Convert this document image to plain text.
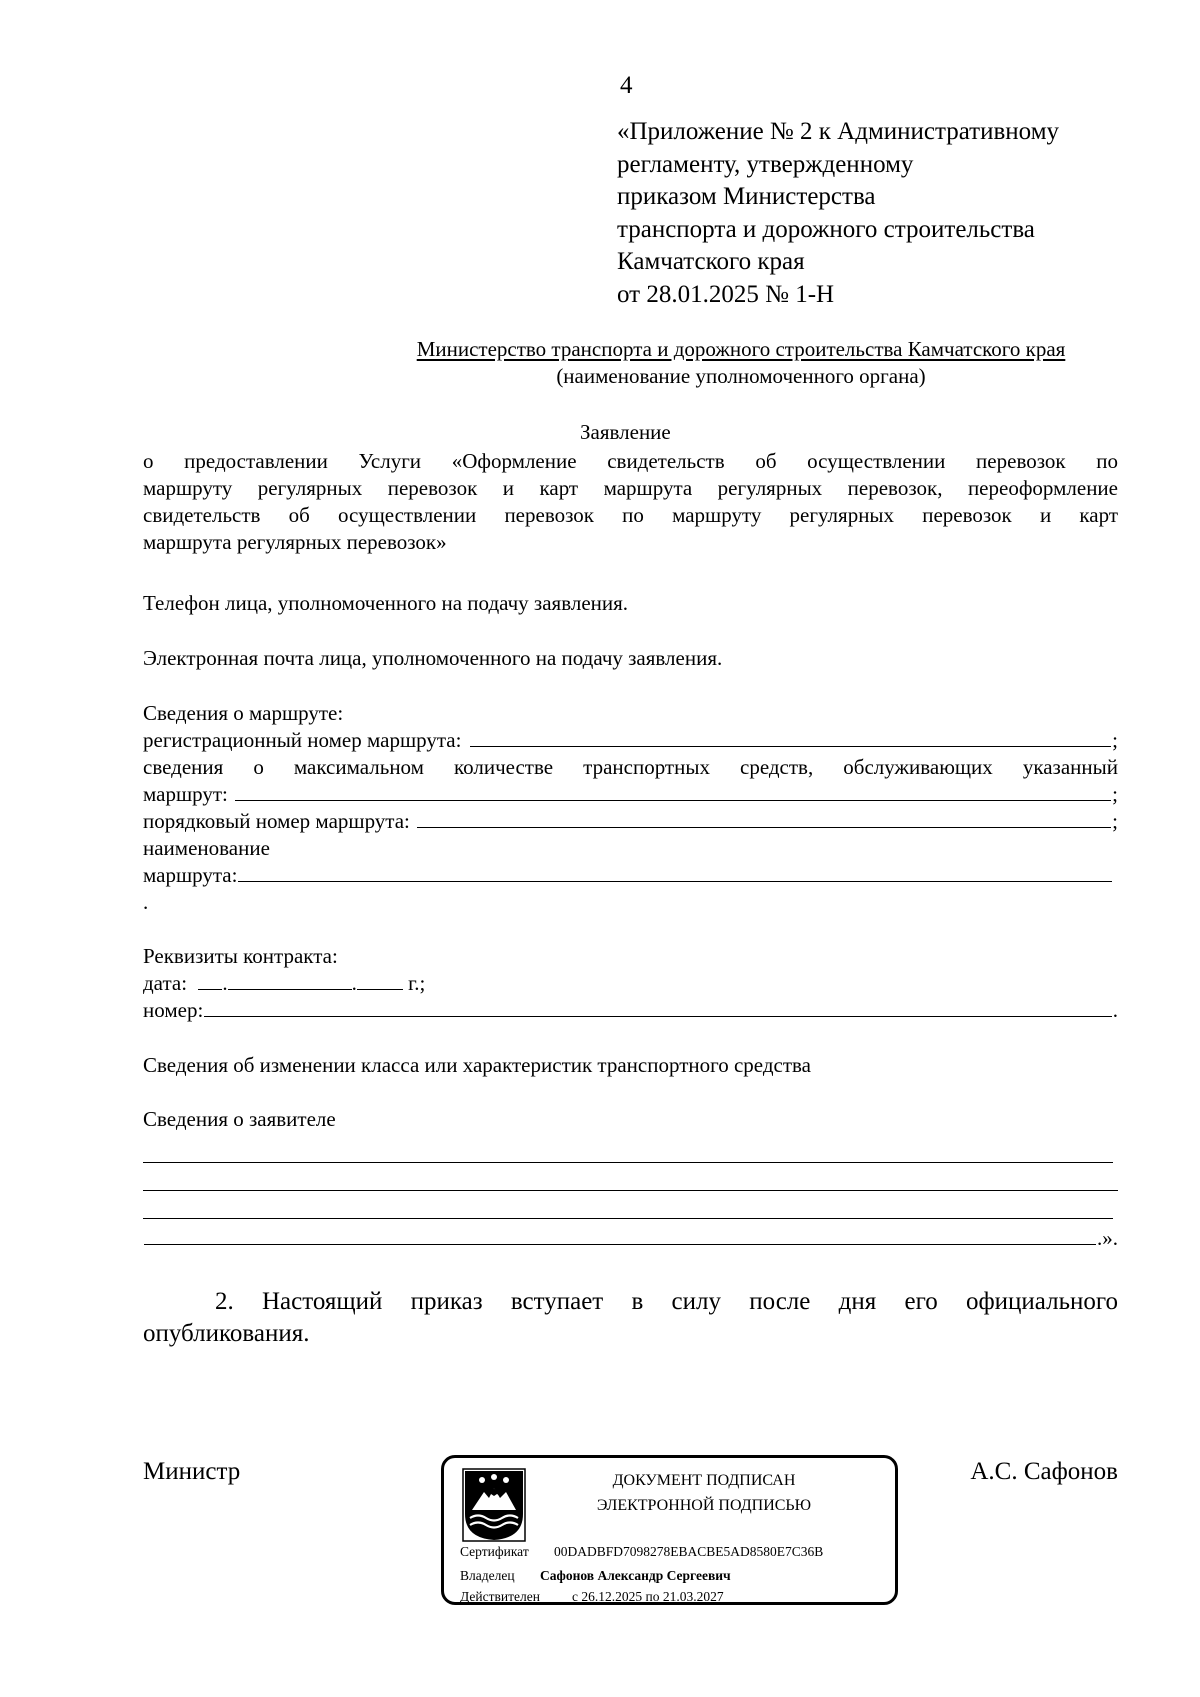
4
«Приложение № 2 к Административному
регламенту, утвержденному
приказом Министерства
транспорта и дорожного строительства
Камчатского края
от 28.01.2025 № 1-Н
Министерство транспорта и дорожного строительства Камчатского края
(наименование уполномоченного органа)
Заявление
о предоставлении Услуги «Оформление свидетельств об осуществлении перевозок по
маршруту регулярных перевозок и карт маршрута регулярных перевозок, переоформление
свидетельств об осуществлении перевозок по маршруту регулярных перевозок и карт
маршрута регулярных перевозок»
Телефон лица, уполномоченного на подачу заявления.
Электронная почта лица, уполномоченного на подачу заявления.
Сведения о маршруте:
регистрационный номер маршрута:	;
сведения о максимальном количестве транспортных средств, обслуживающих указанный
маршрут:	;
порядковый номер маршрута:	;
наименование
маршрута:
.
Реквизиты контракта:
дата: .	. г.;
номер:	.
Сведения об изменении класса или характеристик транспортного средства
Сведения о заявителе
.».
2. Настоящий приказ вступает в силу после дня его официального
опубликования.
Министр	А.С. Сафонов
ДОКУМЕНТ ПОДПИСАН
ЭЛЕКТРОННОЙ ПОДПИСЬЮ
Сертификат 00DADBFD7098278EBACBE5AD8580E7C36B
Владелец Сафонов Александр Сергеевич
Действителен с 26.12.2025 по 21.03.2027
